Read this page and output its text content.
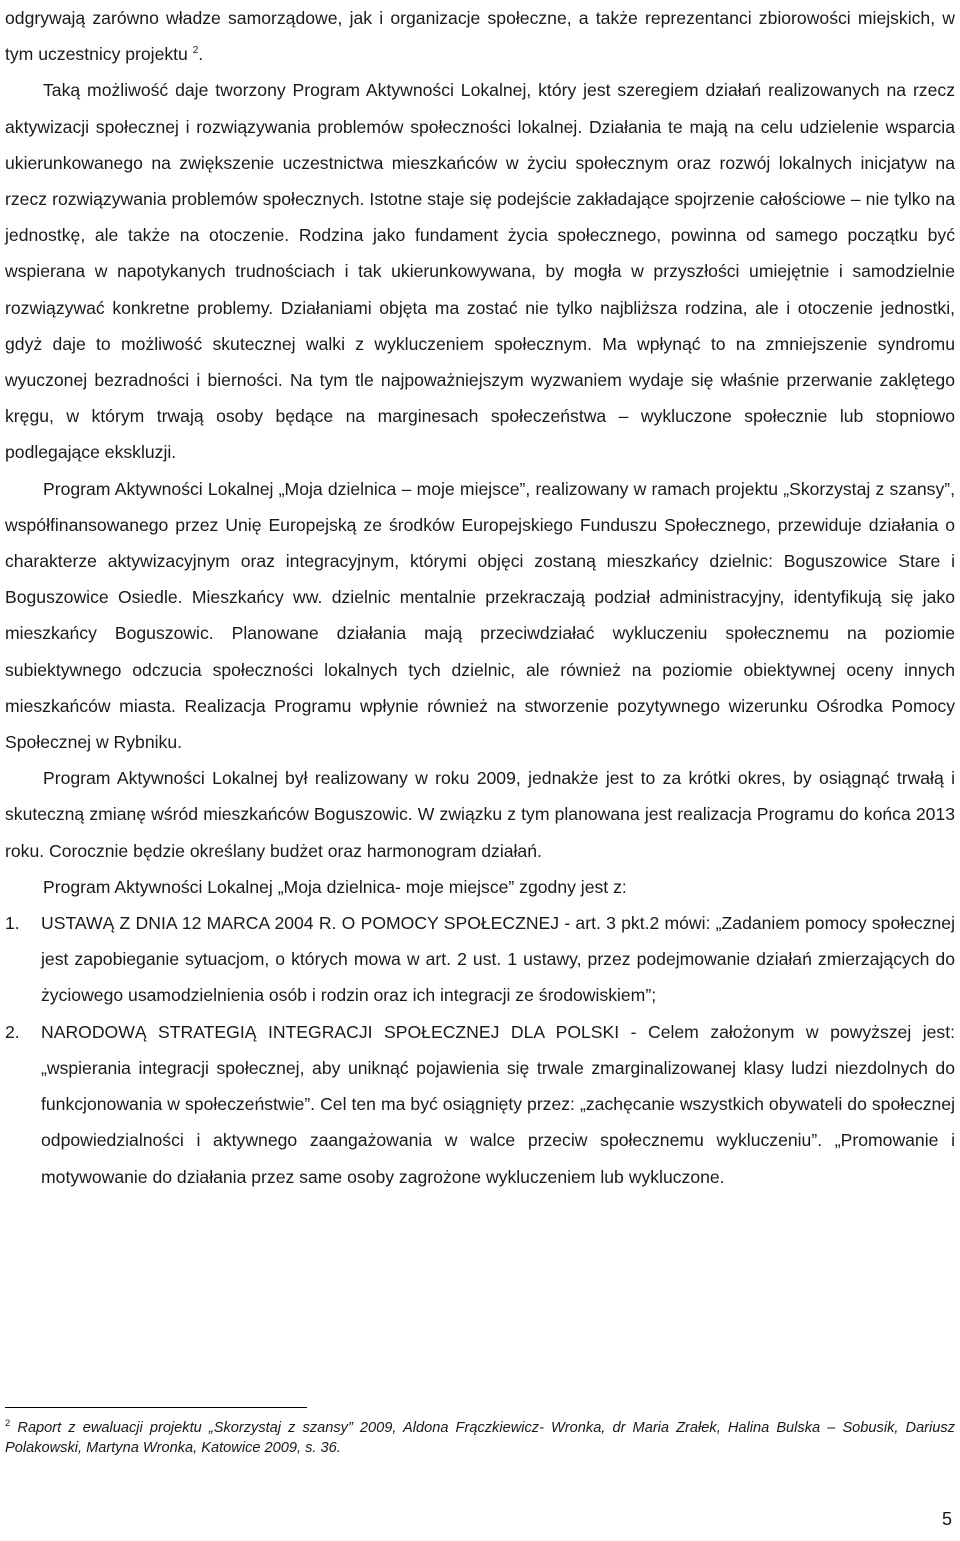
odgrywają zarówno władze samorządowe, jak i organizacje społeczne, a także reprezentanci zbiorowości miejskich, w tym uczestnicy projektu $^2$.

Taką możliwość daje tworzony Program Aktywności Lokalnej, który jest szeregiem działań realizowanych na rzecz aktywizacji społecznej i rozwiązywania problemów społeczności lokalnej. Działania te mają na celu udzielenie wsparcia ukierunkowanego na zwiększenie uczestnictwa mieszkańców w życiu społecznym oraz rozwój lokalnych inicjatyw na rzecz rozwiązywania problemów społecznych. Istotne staje się podejście zakładające spojrzenie całościowe – nie tylko na jednostkę, ale także na otoczenie. Rodzina jako fundament życia społecznego, powinna od samego początku być wspierana w napotykanych trudnościach i tak ukierunkowywana, by mogła w przyszłości umiejętnie i samodzielnie rozwiązywać konkretne problemy. Działaniami objęta ma zostać nie tylko najbliższa rodzina, ale i otoczenie jednostki, gdyż daje to możliwość skutecznej walki z wykluczeniem społecznym. Ma wpłynąć to na zmniejszenie syndromu wyuczonej bezradności i bierności. Na tym tle najpoważniejszym wyzwaniem wydaje się właśnie przerwanie zaklętego kręgu, w którym trwają osoby będące na marginesach społeczeństwa – wykluczone społecznie lub stopniowo podlegające ekskluzji.

Program Aktywności Lokalnej „Moja dzielnica – moje miejsce”, realizowany w ramach projektu „Skorzystaj z szansy”, współfinansowanego przez Unię Europejską ze środków Europejskiego Funduszu Społecznego, przewiduje działania o charakterze aktywizacyjnym oraz integracyjnym, którymi objęci zostaną mieszkańcy dzielnic: Boguszowice Stare i Boguszowice Osiedle. Mieszkańcy ww. dzielnic mentalnie przekraczają podział administracyjny, identyfikują się jako mieszkańcy Boguszowic. Planowane działania mają przeciwdziałać wykluczeniu społecznemu na poziomie subiektywnego odczucia społeczności lokalnych tych dzielnic, ale również na poziomie obiektywnej oceny innych mieszkańców miasta. Realizacja Programu wpłynie również na stworzenie pozytywnego wizerunku Ośrodka Pomocy Społecznej w Rybniku.

Program Aktywności Lokalnej był realizowany w roku 2009, jednakże jest to za krótki okres, by osiągnąć trwałą i skuteczną zmianę wśród mieszkańców Boguszowic. W związku z tym planowana jest realizacja Programu do końca 2013 roku. Corocznie będzie określany budżet oraz harmonogram działań.

Program Aktywności Lokalnej „Moja dzielnica- moje miejsce” zgodny jest z:

1. USTAWĄ Z DNIA 12 MARCA 2004 R. O POMOCY SPOŁECZNEJ - art. 3 pkt.2 mówi: „Zadaniem pomocy społecznej jest zapobieganie sytuacjom, o których mowa w art. 2 ust. 1 ustawy, przez podejmowanie działań zmierzających do życiowego usamodzielnienia osób i rodzin oraz ich integracji ze środowiskiem”;
2. NARODOWĄ STRATEGIĄ INTEGRACJI SPOŁECZNEJ DLA POLSKI - Celem założonym w powyższej jest: „wspierania integracji społecznej, aby uniknąć pojawienia się trwale zmarginalizowanej klasy ludzi niezdolnych do funkcjonowania w społeczeństwie”. Cel ten ma być osiągnięty przez: „zachęcanie wszystkich obywateli do społecznej odpowiedzialności i aktywnego zaangażowania w walce przeciw społecznemu wykluczeniu”. „Promowanie i motywowanie do działania przez same osoby zagrożone wykluczeniem lub wykluczone.
$^2$ Raport z ewaluacji projektu „Skorzystaj z szansy” 2009, Aldona Frączkiewicz- Wronka, dr Maria Zrałek, Halina Bulska – Sobusik, Dariusz Polakowski, Martyna Wronka, Katowice 2009, s. 36.
5
